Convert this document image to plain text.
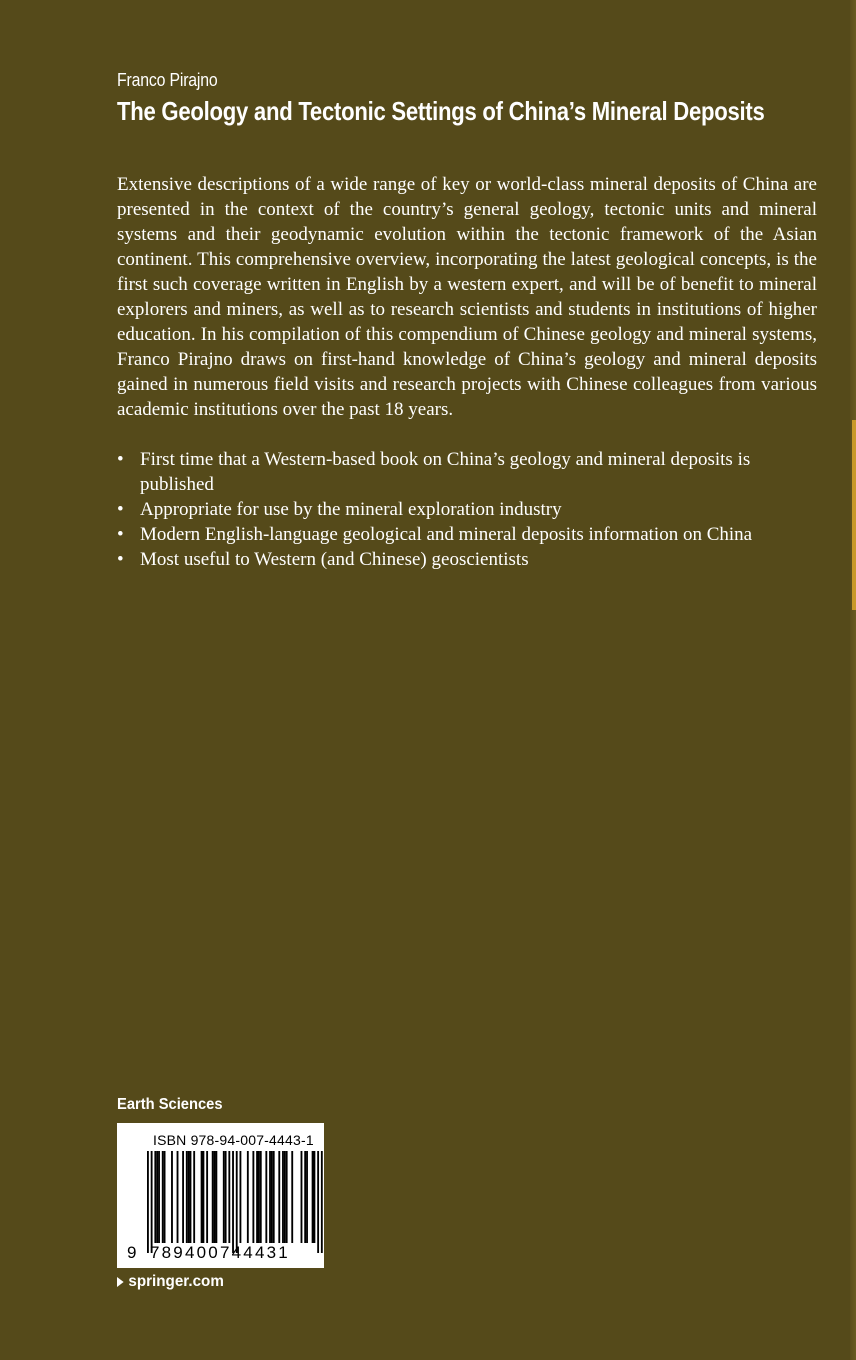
Franco Pirajno
The Geology and Tectonic Settings of China’s Mineral Deposits

Extensive descriptions of a wide range of key or world-class mineral deposits of China are presented in the context of the country’s general geology, tectonic units and mineral systems and their geodynamic evolution within the tectonic framework of the Asian continent. This comprehensive overview, incorporating the latest geological concepts, is the first such coverage written in English by a western expert, and will be of benefit to mineral explorers and miners, as well as to research scientists and students in institutions of higher education. In his compilation of this compendium of Chinese geology and mineral systems, Franco Pirajno draws on first-hand knowledge of China’s geology and mineral deposits gained in numerous field visits and research projects with Chinese colleagues from various academic institutions over the past 18 years.

• First time that a Western-based book on China’s geology and mineral deposits is published
• Appropriate for use by the mineral exploration industry
• Modern English-language geological and mineral deposits information on China
• Most useful to Western (and Chinese) geoscientists
Earth Sciences
ISBN 978-94-007-4443-1
9 789400 744431
springer.com
